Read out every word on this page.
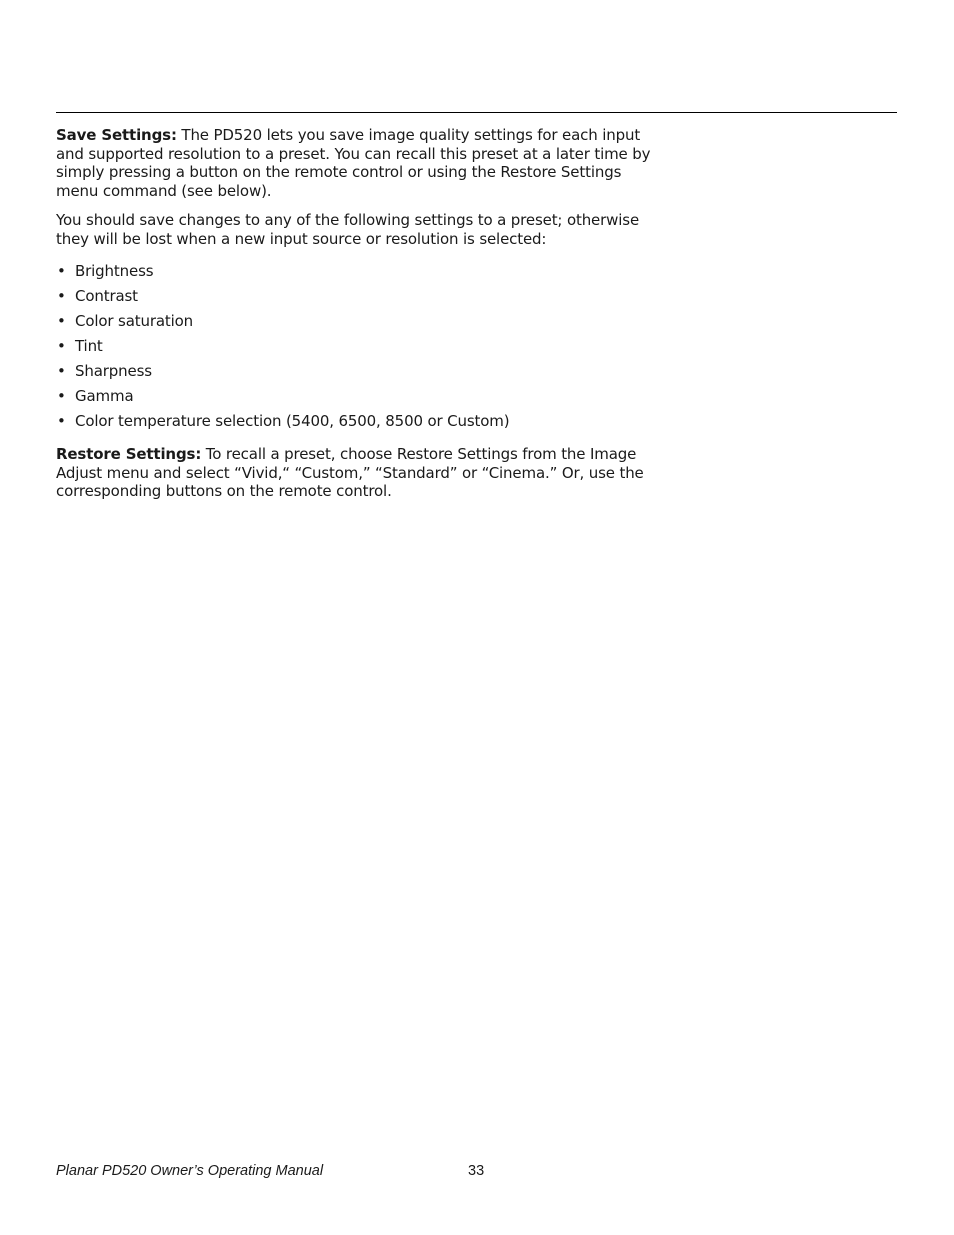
Save Settings: The PD520 lets you save image quality settings for each input and supported resolution to a preset. You can recall this preset at a later time by simply pressing a button on the remote control or using the Restore Settings menu command (see below).

You should save changes to any of the following settings to a preset; otherwise they will be lost when a new input source or resolution is selected:

• Brightness
• Contrast
• Color saturation
• Tint
• Sharpness
• Gamma
• Color temperature selection (5400, 6500, 8500 or Custom)

Restore Settings: To recall a preset, choose Restore Settings from the Image Adjust menu and select “Vivid,“ “Custom,” “Standard” or “Cinema.” Or, use the corresponding buttons on the remote control.

Planar PD520 Owner’s Operating Manual	33
